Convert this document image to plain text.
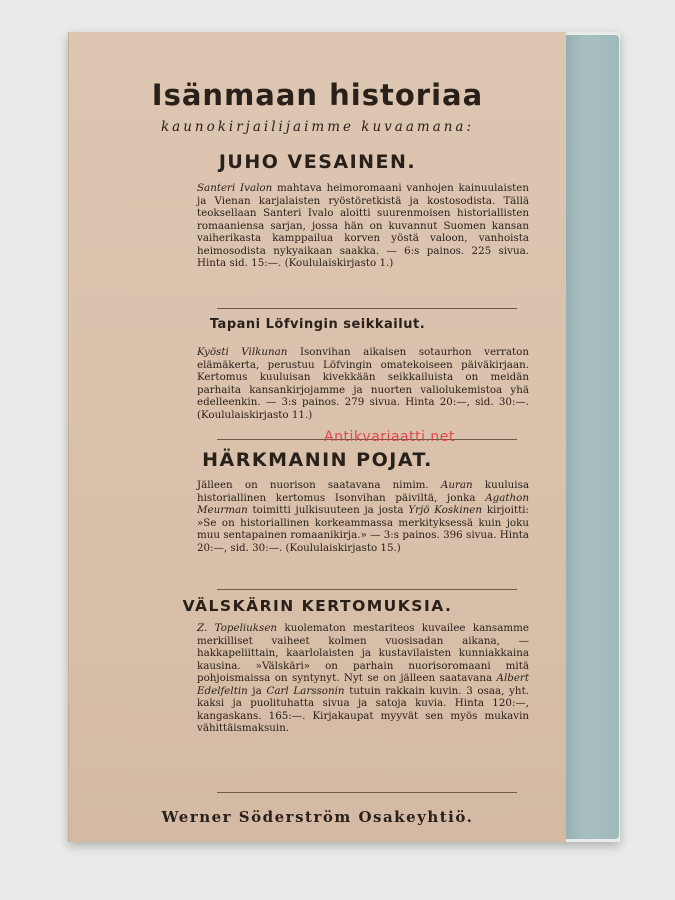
Isänmaan historiaa
kaunokirjailijaimme kuvaamana:
JUHO VESAINEN.
Santeri Ivalon mahtava heimoromaani vanhojen kainuulaisten ja Vienan karjalaisten ryöstöretkistä ja kostosodista. Tällä teoksellaan Santeri Ivalo aloitti suurenmoisen historiallisten romaaniensa sarjan, jossa hän on kuvannut Suomen kansan vaiherikasta kamppailua korven yöstä valoon, vanhoista heimosodista nykyaikaan saakka. — 6:s painos. 225 sivua. Hinta sid. 15:—. (Koululaiskirjasto 1.)
Tapani Löfvingin seikkailut.
Kyösti Vilkunan Isonvihan aikaisen sotaurhon verraton elämäkerta, perustuu Löfvingin omatekoiseen päiväkirjaan. Kertomus kuuluisan kivekkään seikkailuista on meidän parhaita kansankirjojamme ja nuorten valiolukemistoa yhä edelleenkin. — 3:s painos. 279 sivua. Hinta 20:—, sid. 30:—. (Koululaiskirjasto 11.)
HÄRKMANIN POJAT.
Jälleen on nuorison saatavana nimim. Auran kuuluisa historiallinen kertomus Isonvihan päiviltä, jonka Agathon Meurman toimitti julkisuuteen ja josta Yrjö Koskinen kirjoitti: »Se on historiallinen korkeammassa merkityksessä kuin joku muu sentapainen romaanikirja.» — 3:s painos. 396 sivua. Hinta 20:—, sid. 30:—. (Koululaiskirjasto 15.)
VÄLSKÄRIN KERTOMUKSIA.
Z. Topeliuksen kuolematon mestariteos kuvailee kansamme merkilliset vaiheet kolmen vuosisadan aikana, — hakkapeliittain, kaarlolaisten ja kustavilaisten kunniakkaina kausina. »Välskäri» on parhain nuorisoromaani mitä pohjoismaissa on syntynyt. Nyt se on jälleen saatavana Albert Edelfeltin ja Carl Larssonin tutuin rakkain kuvin. 3 osaa, yht. kaksi ja puolituhatta sivua ja satoja kuvia. Hinta 120:—, kangaskans. 165:—. Kirjakaupat myyvät sen myös mukavin vähittäismaksuin.
Werner Söderström Osakeyhtiö.
Antikvariaatti.net
